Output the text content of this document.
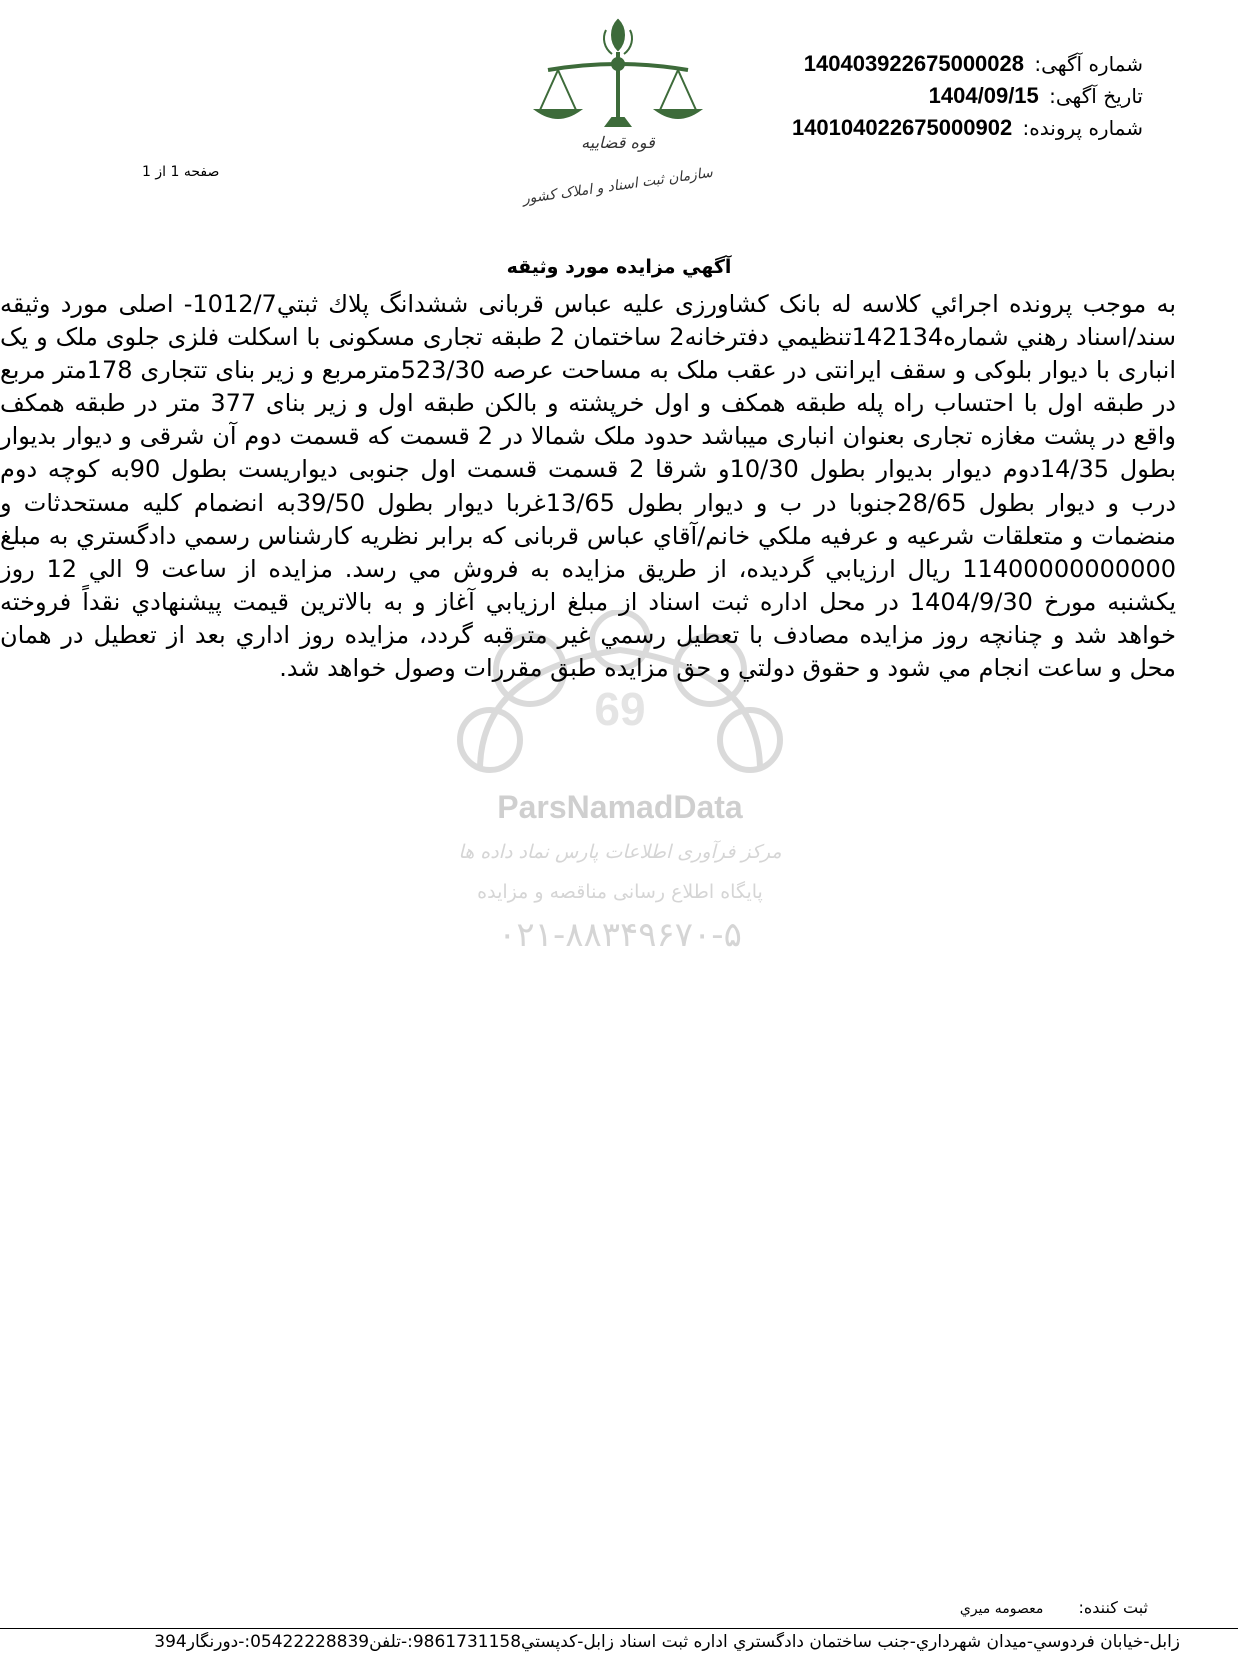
قوه قضاییه
سازمان ثبت اسناد و املاک کشور
شماره آگهی: 140403922675000028
تاریخ آگهی: 1404/09/15
شماره پرونده: 140104022675000902
صفحه 1 از 1
69
ParsNamadData
مرکز فرآوری اطلاعات پارس نماد داده ها
پایگاه اطلاع رسانی مناقصه و مزایده
۰۲۱-۸۸۳۴۹۶۷۰-۵
آگهي مزايده مورد وثيقه
به موجب پرونده اجرائي كلاسه له بانک کشاورزی علیه عباس قربانی ششدانگ پلاك ثبتي1012/7- اصلی مورد وثیقه سند/اسناد رهني شماره142134تنظيمي دفترخانه2 ساختمان 2 طبقه تجاری مسکونی با اسکلت فلزی جلوی ملک و یک انباری با دیوار بلوکی و سقف ایرانتی در عقب ملک به مساحت عرصه 523/30مترمربع و زیر بنای تتجاری 178متر مربع در طبقه اول با احتساب راه پله طبقه همکف و اول خرپشته و بالکن طبقه اول و زیر بنای 377 متر در طبقه همکف واقع در پشت مغازه تجاری بعنوان انباری میباشد حدود ملک شمالا در 2 قسمت که قسمت دوم آن شرقی و دیوار بدیوار بطول 14/35دوم دیوار بدیوار بطول 10/30و شرقا 2 قسمت قسمت اول جنوبی دیواریست بطول 90به کوچه دوم درب و دیوار بطول 28/65جنوبا در ب و دیوار بطول 13/65غربا دیوار بطول 39/50به انضمام کلیه مستحدثات و منضمات و متعلقات شرعيه و عرفيه ملكي خانم/آقاي عباس قربانی كه برابر نظريه كارشناس رسمي دادگستري به مبلغ 11400000000000 ريال ارزيابي گرديده، از طريق مزايده به فروش مي رسد. مزايده از ساعت 9 الي 12 روز یکشنبه مورخ 1404/9/30 در محل اداره ثبت اسناد از مبلغ ارزيابي آغاز و به بالاترين قيمت پيشنهادي نقداً فروخته خواهد شد و چنانچه روز مزايده مصادف با تعطيل رسمي غير مترقبه گردد، مزايده روز اداري بعد از تعطيل در همان محل و ساعت انجام مي شود و حقوق دولتي و حق مزايده طبق مقررات وصول خواهد شد.
ثبت كننده: معصومه ميري
زابل-خيابان فردوسي-ميدان شهرداري-جنب ساختمان دادگستري اداره ثبت اسناد زابل-كدپستي9861731158:-تلفن05422228839:-دورنگار394
